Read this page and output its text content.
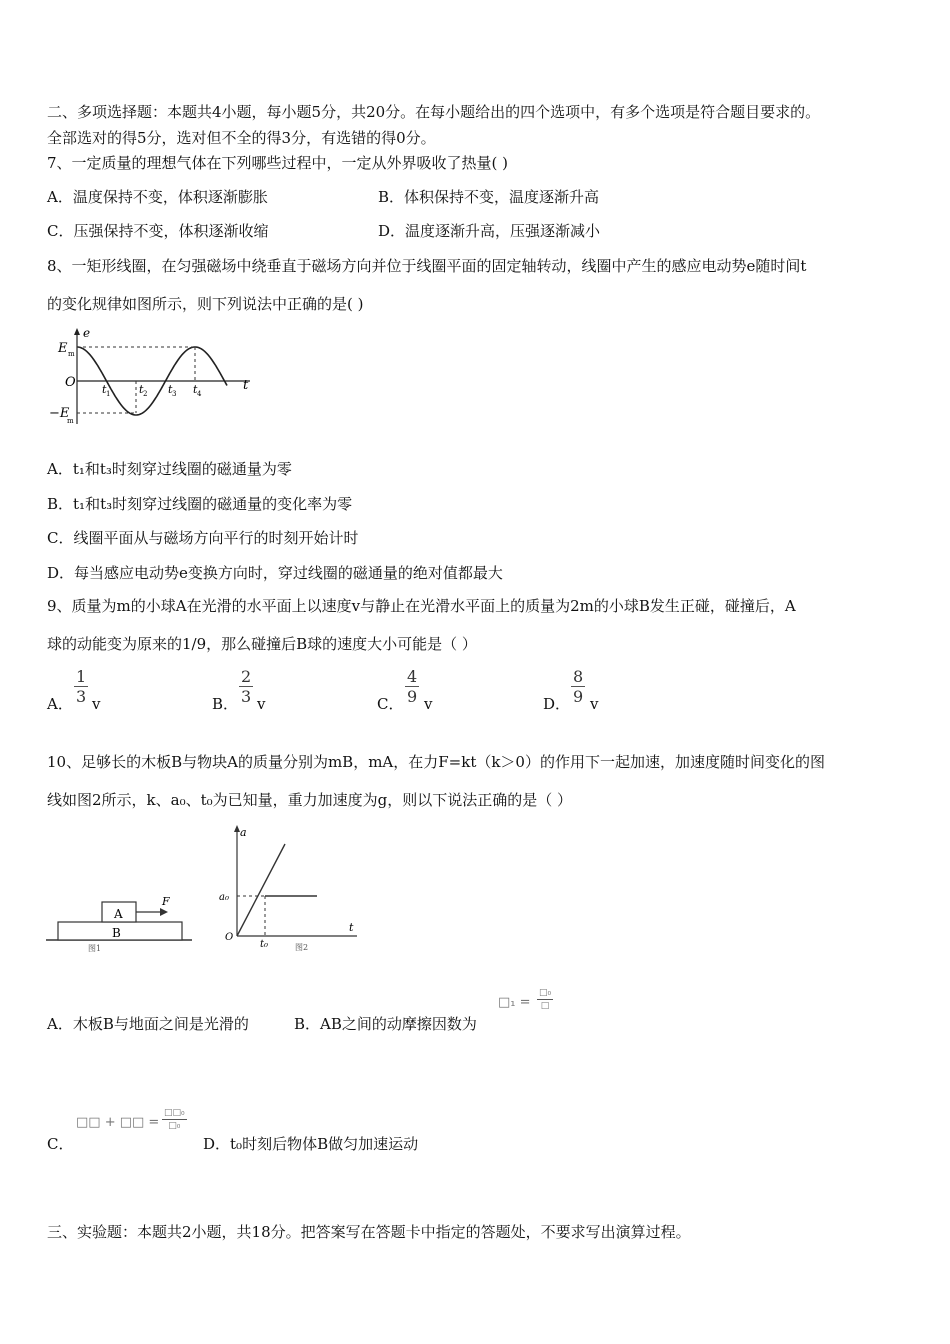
二、多项选择题：本题共4小题，每小题5分，共20分。在每小题给出的四个选项中，有多个选项是符合题目要求的。
全部选对的得5分，选对但不全的得3分，有选错的得0分。
7、一定质量的理想气体在下列哪些过程中，一定从外界吸收了热量( )
A．温度保持不变，体积逐渐膨胀	B．体积保持不变，温度逐渐升高
C．压强保持不变，体积逐渐收缩	D．温度逐渐升高，压强逐渐减小
8、一矩形线圈，在匀强磁场中绕垂直于磁场方向并位于线圈平面的固定轴转动，线圈中产生的感应电动势e随时间t
的变化规律如图所示，则下列说法中正确的是( )
e
E m
O
−E
m
t
t 1	t 2 t 3 t 4
A．t₁和t₃时刻穿过线圈的磁通量为零
B．t₁和t₃时刻穿过线圈的磁通量的变化率为零
C．线圈平面从与磁场方向平行的时刻开始计时
D．每当感应电动势e变换方向时，穿过线圈的磁通量的绝对值都最大
9、质量为m的小球A在光滑的水平面上以速度v与静止在光滑水平面上的质量为2m的小球B发生正碰，碰撞后，A
球的动能变为原来的1/9，那么碰撞后B球的速度大小可能是（ ）
A． $\frac{1}{3}$ v	B． $\frac{2}{3}$ v	C． $\frac{4}{9}$ v	D． $\frac{8}{9}$ v
10、足够长的木板B与物块A的质量分别为mB，mA，在力F=kt（k＞0）的作用下一起加速，加速度随时间变化的图
线如图2所示，k、a₀、t₀为已知量，重力加速度为g，则以下说法正确的是（ ）
A
B
F
图1
a
t
a₀
t₀
O
图2
A．木板B与地面之间是光滑的	B．AB之间的动摩擦因数为
□₁ =
□₀
□
C．
□□ + □□ =
□□₀
□₀
D．t₀时刻后物体B做匀加速运动
三、实验题：本题共2小题，共18分。把答案写在答题卡中指定的答题处，不要求写出演算过程。
